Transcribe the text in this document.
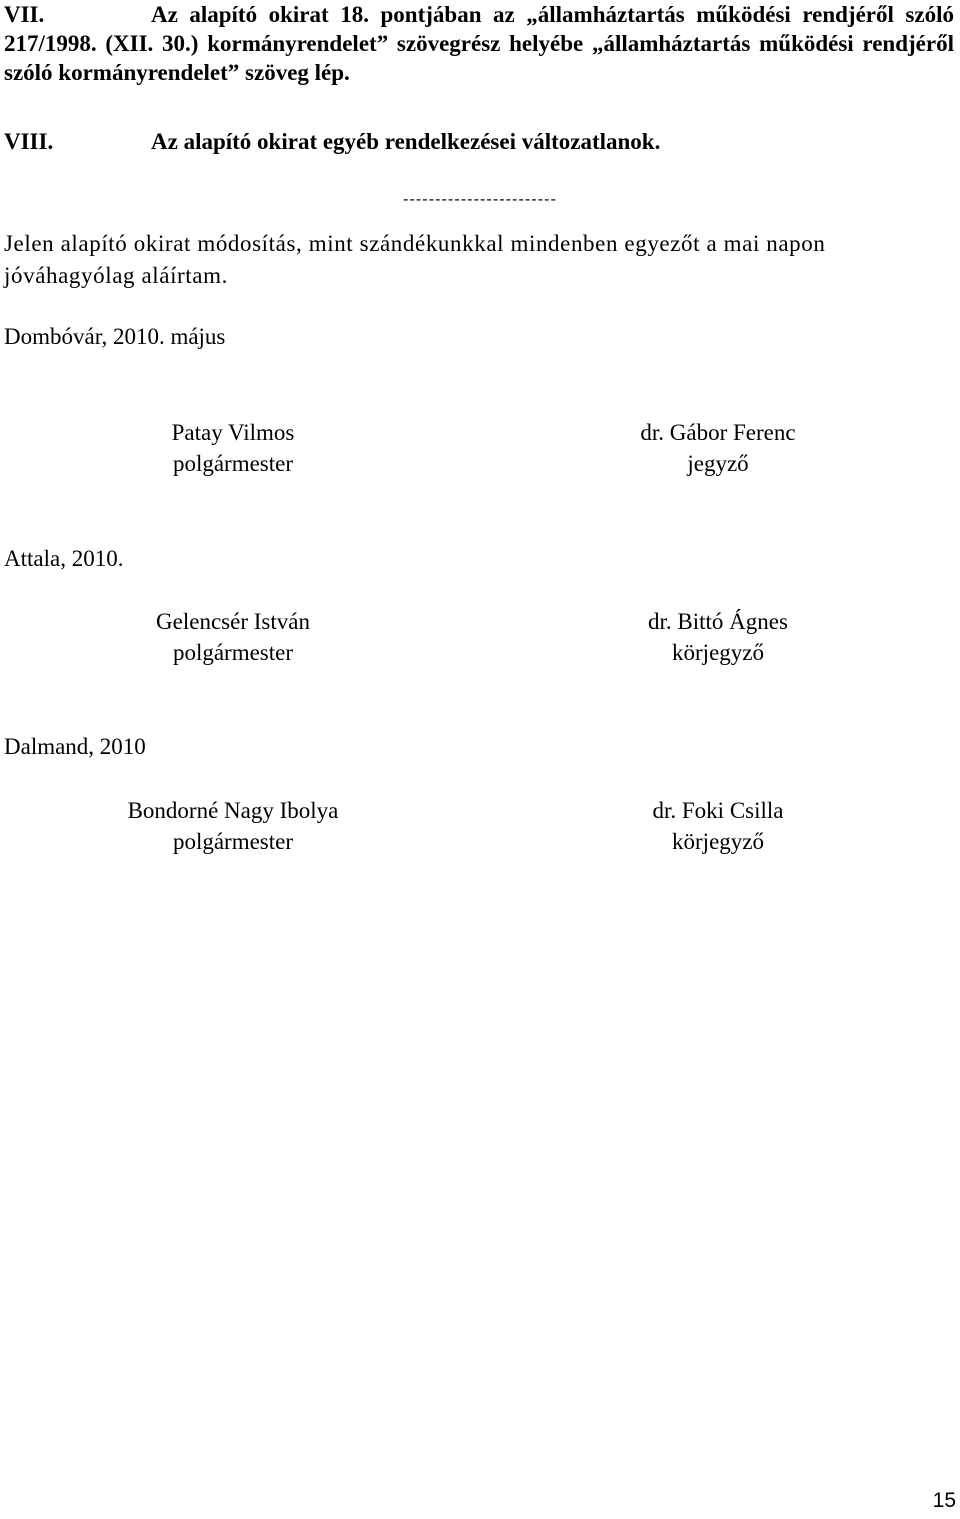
VII.	Az alapító okirat 18. pontjában az „államháztartás működési rendjéről szóló 217/1998. (XII. 30.) kormányrendelet” szövegrész helyébe „államháztartás működési rendjéről szóló kormányrendelet” szöveg lép.
VIII.	Az alapító okirat egyéb rendelkezései változatlanok.
------------------------
Jelen alapító okirat módosítás, mint szándékunkkal mindenben egyezőt a mai napon jóváhagyólag aláírtam.
Dombóvár, 2010. május
Patay Vilmos
polgármester
dr. Gábor Ferenc
jegyző
Attala, 2010.
Gelencsér István
polgármester
dr. Bittó Ágnes
körjegyző
Dalmand, 2010
Bondorné Nagy Ibolya
polgármester
dr. Foki Csilla
körjegyző
15
